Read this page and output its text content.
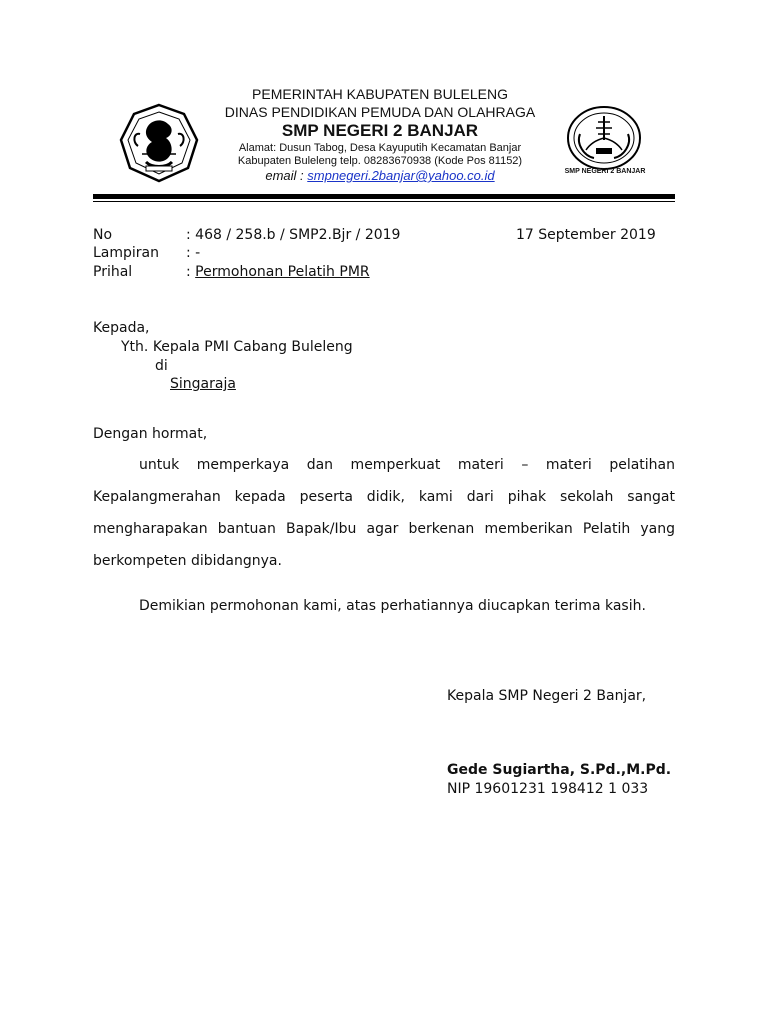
PEMERINTAH KABUPATEN BULELENG
DINAS PENDIDIKAN PEMUDA DAN OLAHRAGA
SMP NEGERI 2 BANJAR
Alamat: Dusun Tabog, Desa Kayuputih Kecamatan Banjar
Kabupaten Buleleng telp. 08283670938 (Kode Pos 81152)
email : smpnegeri.2banjar@yahoo.co.id	SMP NEGERI 2 BANJAR
No	: 468 / 258.b / SMP2.Bjr / 2019	17 September 2019
Lampiran : -
Prihal	: Permohonan Pelatih PMR
Kepada,
Yth. Kepala PMI Cabang Buleleng
di
Singaraja
Dengan hormat,
untuk memperkaya dan memperkuat materi – materi pelatihan
Kepalangmerahan kepada peserta didik, kami dari pihak sekolah sangat
mengharapakan bantuan Bapak/Ibu agar berkenan memberikan Pelatih yang
berkompeten dibidangnya.
Demikian permohonan kami, atas perhatiannya diucapkan terima kasih.
Kepala SMP Negeri 2 Banjar,
Gede Sugiartha, S.Pd.,M.Pd.
NIP 19601231 198412 1 033
